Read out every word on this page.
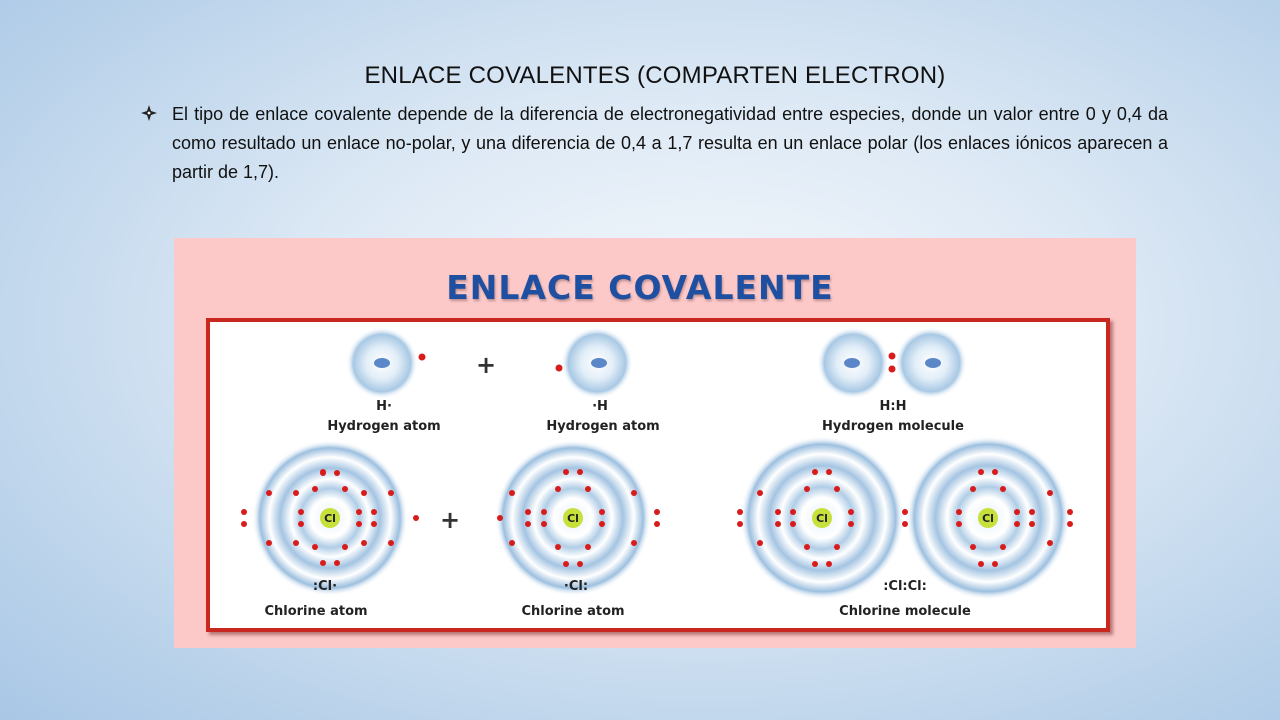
ENLACE COVALENTES (COMPARTEN ELECTRON)

El tipo de enlace covalente depende de la diferencia de electronegatividad entre especies, donde un valor entre 0 y 0,4 da como resultado un enlace no-polar, y una diferencia de 0,4 a 1,7 resulta en un enlace polar (los enlaces iónicos aparecen a partir de 1,7).

ENLACE COVALENTE
+
H·
Hydrogen atom
·H
Hydrogen atom
H:H
Hydrogen molecule
Cl	+	Cl	Cl	Cl
:Cl·
Chlorine atom
·Cl:
Chlorine atom
:Cl:Cl:
Chlorine molecule
